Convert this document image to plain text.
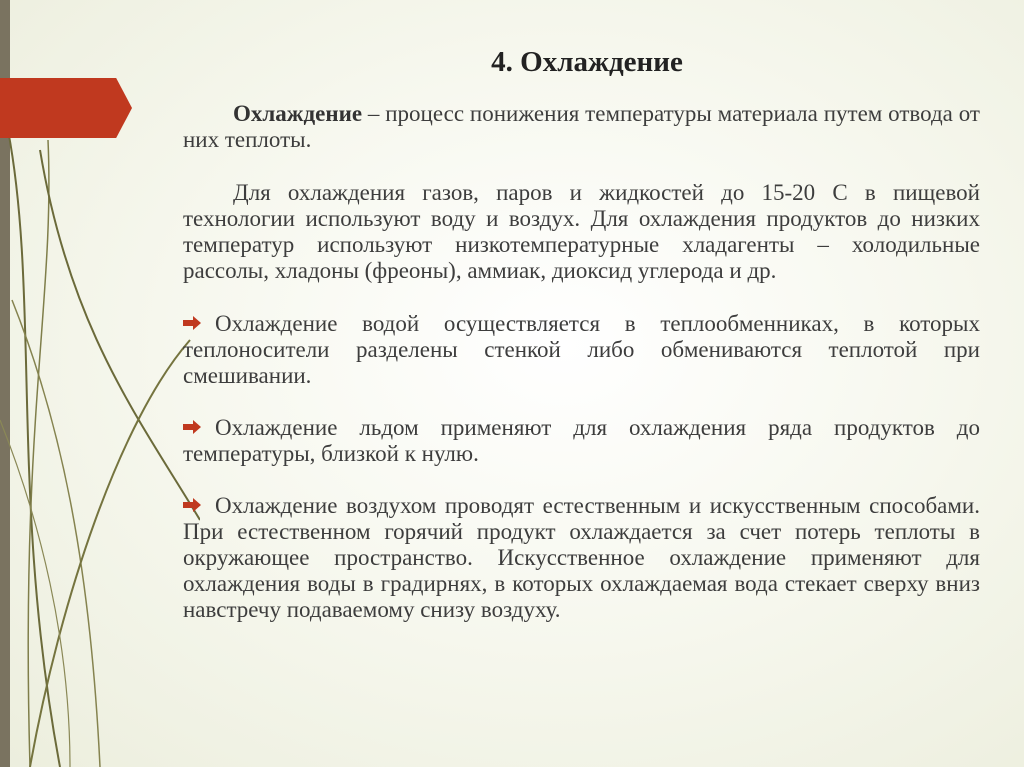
4. Охлаждение

Охлаждение – процесс понижения температуры материала путем отвода от них теплоты.

Для охлаждения газов, паров и жидкостей до 15-20 С в пищевой технологии используют воду и воздух. Для охлаждения продуктов до низких температур используют низкотемпературные хладагенты – холодильные рассолы, хладоны (фреоны), аммиак, диоксид углерода и др.

Охлаждение водой осуществляется в теплообменниках, в которых теплоносители разделены стенкой либо обмениваются теплотой при смешивании.

Охлаждение льдом применяют для охлаждения ряда продуктов до температуры, близкой к нулю.

Охлаждение воздухом проводят естественным и искусственным способами. При естественном горячий продукт охлаждается за счет потерь теплоты в окружающее пространство. Искусственное охлаждение применяют для охлаждения воды в градирнях, в которых охлаждаемая вода стекает сверху вниз навстречу подаваемому снизу воздуху.
